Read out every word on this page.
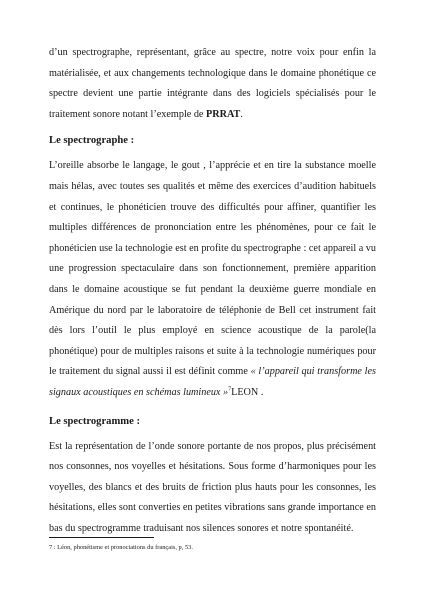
d’un spectrographe, représentant, grâce au spectre, notre voix pour enfin la matérialisée, et aux changements technologique dans le domaine phonétique ce spectre devient une partie intégrante dans des logiciels spécialisés pour le traitement sonore notant l’exemple de PRRAT.

Le spectrographe :

L’oreille absorbe le langage, le gout , l’apprécie et en tire la substance moelle mais hélas, avec toutes ses qualités et même des exercices d’audition habituels et continues, le phonéticien trouve des difficultés pour affiner, quantifier les multiples différences de prononciation entre les phénomènes, pour ce fait le phonéticien use la technologie est en profite du spectrographe : cet appareil a vu une progression spectaculaire dans son fonctionnement, première apparition dans le domaine acoustique se fut pendant la deuxième guerre mondiale en Amérique du nord par le laboratoire de téléphonie de Bell cet instrument fait dès lors l’outil le plus employé en science acoustique de la parole(la phonétique) pour de multiples raisons et suite à la technologie numériques pour le traitement du signal aussi il est définit comme « l’appareil qui transforme les signaux acoustiques en schémas lumineux »$^7$LEON .

Le spectrogramme :

Est la représentation de l’onde sonore portante de nos propos, plus précisément nos consonnes, nos voyelles et hésitations. Sous forme d’harmoniques pour les voyelles, des blancs et des bruits de friction plus hauts pour les consonnes, les hésitations, elles sont converties en petites vibrations sans grande importance en bas du spectrogramme traduisant nos silences sonores et notre spontanéité.

7 : Léon, phonétisme et pronociations du français, p, 53.
